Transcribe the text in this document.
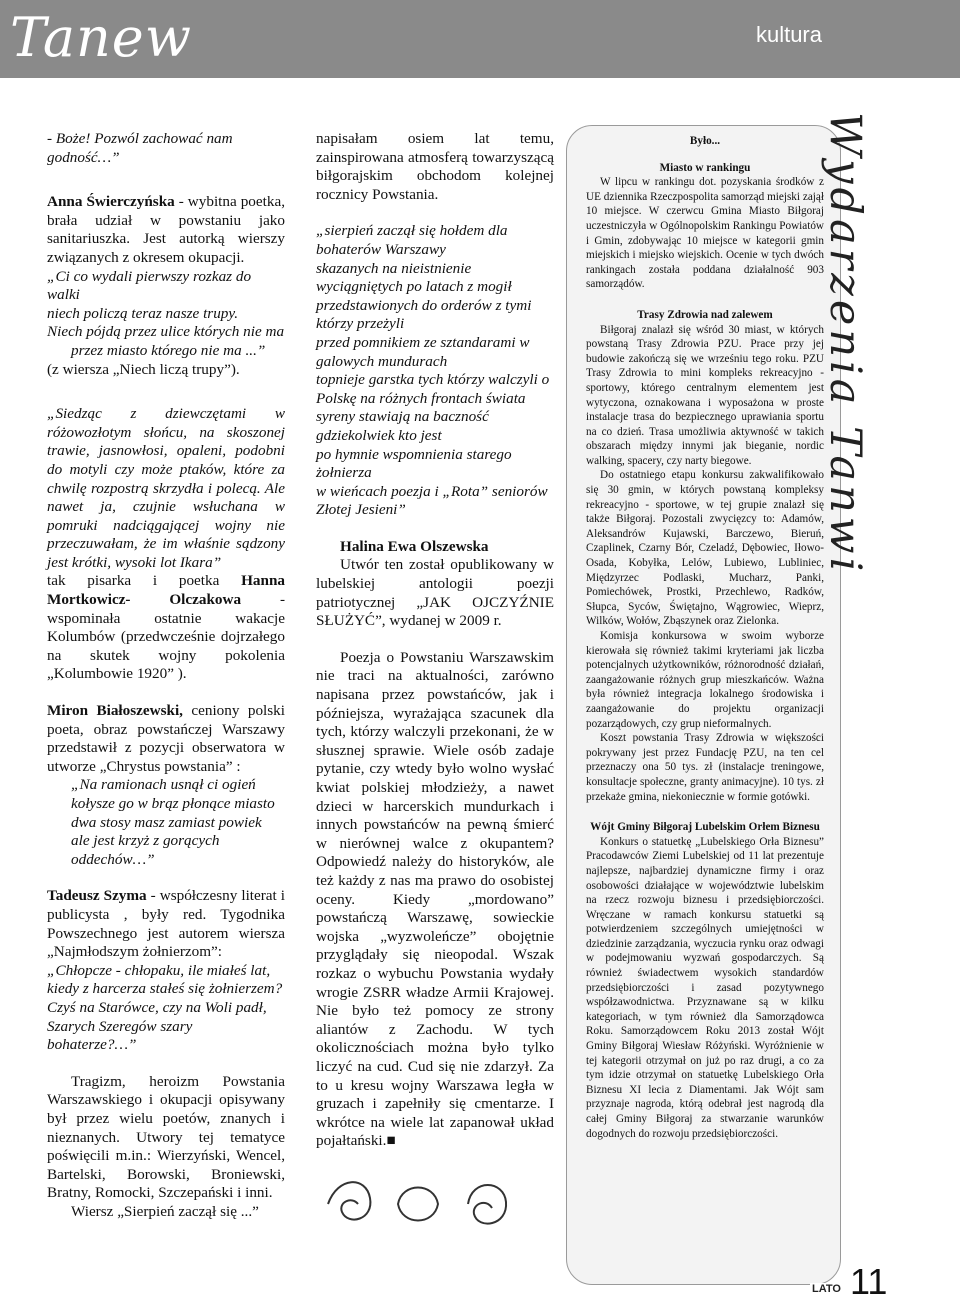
Tanew	kultura

- Boże! Pozwól zachować nam godność…”

Anna Świerczyńska - wybitna poetka, brała udział w powstaniu jako sanitariuszka. Jest autorką wierszy związanych z okresem okupacji.

„Ci co wydali pierwszy rozkaz do walki

niech policzą teraz nasze trupy.

Niech pójdą przez ulice których nie ma

przez miasto którego nie ma ...”

(z wiersza „Niech liczą trupy”).

„Siedząc z dziewczętami w różowozłotym słońcu, na skoszonej trawie, jasnowłosi, opaleni, podobni do motyli czy może ptaków, które za chwilę rozpostrą skrzydła i polecą. Ale nawet ja, czujnie wsłuchana w pomruki nadciągającej wojny nie przeczuwałam, że im właśnie sądzony jest krótki, wysoki lot Ikara”

tak pisarka i poetka Hanna Mortkowicz- Olczakowa - wspominała ostatnie wakacje Kolumbów (przedwcześnie dojrzałego na skutek wojny pokolenia „Kolumbowie 1920” ).

Miron Białoszewski, ceniony polski poeta, obraz powstańczej Warszawy przedstawił z pozycji obserwatora w utworze „Chrystus powstania” :

„Na ramionach usnął ci ogień

kołysze go w brąz płonące miasto

dwa stosy masz zamiast powiek

ale jest krzyż z gorących oddechów…”

Tadeusz Szyma - współczesny literat i publicysta , były red. Tygodnika Powszechnego jest autorem wiersza „Najmłodszym żołnierzom”:

„Chłopcze - chłopaku, ile miałeś lat,

kiedy z harcerza stałeś się żołnierzem?

Czyś na Starówce, czy na Woli padł,

Szarych Szeregów szary bohaterze?…”

Tragizm, heroizm Powstania Warszawskiego i okupacji opisywany był przez wielu poetów, znanych i nieznanych. Utwory tej tematyce poświęcili m.in.: Wierzyński, Wencel, Bartelski, Borowski, Broniewski, Bratny, Romocki, Szczepański i inni.

Wiersz „Sierpień zaczął się ...”

napisałam osiem lat temu, zainspirowana atmosferą towarzyszącą biłgorajskim obchodom kolejnej rocznicy Powstania.

„sierpień zaczął się hołdem dla bohaterów Warszawy

skazanych na nieistnienie wyciągniętych po latach z mogił

przedstawionych do orderów z tymi którzy przeżyli

przed pomnikiem ze sztandarami w galowych mundurach

topnieje garstka tych którzy walczyli o Polskę na różnych frontach świata

syreny stawiają na baczność gdziekolwiek kto jest

po hymnie wspomnienia starego żołnierza

w wieńcach poezja i „Rota” seniorów Złotej Jesieni”

Halina Ewa Olszewska

Utwór ten został opublikowany w lubelskiej antologii poezji patriotycznej „JAK OJCZYŹNIE SŁUŻYĆ”, wydanej w 2009 r.

Poezja o Powstaniu Warszawskim nie traci na aktualności, zarówno napisana przez powstańców, jak i późniejsza, wyrażająca szacunek dla tych, którzy walczyli przekonani, że w słusznej sprawie. Wiele osób zadaje pytanie, czy wtedy było wolno wysłać kwiat polskiej młodzieży, a nawet dzieci w harcerskich mundurkach i innych powstańców na pewną śmierć w nierównej walce z okupantem? Odpowiedź należy do historyków, ale też każdy z nas ma prawo do osobistej oceny. Kiedy „mordowano” powstańczą Warszawę, sowieckie wojska „wyzwoleńcze” obojętnie przyglądały się nieopodal. Wszak rozkaz o wybuchu Powstania wydały wrogie ZSRR władze Armii Krajowej. Nie było też pomocy ze strony aliantów z Zachodu. W tych okolicznościach można było tylko liczyć na cud. Cud się nie zdarzył. Za to u kresu wojny Warszawa legła w gruzach i zapełniły się cmentarze. I wkrótce na wiele lat zapanował układ pojałtański.■

Było...
Miasto w rankingu

W lipcu w rankingu dot. pozyskania środków z UE dziennika Rzeczpospolita samorząd miejski zajął 10 miejsce. W czerwcu Gmina Miasto Biłgoraj uczestniczyła w Ogólnopolskim Rankingu Powiatów i Gmin, zdobywając 10 miejsce w kategorii gmin miejskich i miejsko wiejskich. Ocenie w tych dwóch rankingach została poddana działalność 903 samorządów.

Trasy Zdrowia nad zalewem

Biłgoraj znalazł się wśród 30 miast, w których powstaną Trasy Zdrowia PZU. Prace przy jej budowie zakończą się we wrześniu tego roku. PZU Trasy Zdrowia to mini kompleks rekreacyjno - sportowy, którego centralnym elementem jest wytyczona, oznakowana i wyposażona w proste instalacje trasa do bezpiecznego uprawiania sportu na co dzień. Trasa umożliwia aktywność w takich obszarach między innymi jak bieganie, nordic walking, spacery, czy narty biegowe.

Do ostatniego etapu konkursu zakwalifikowało się 30 gmin, w których powstaną kompleksy rekreacyjno - sportowe, w tej grupie znalazł się także Biłgoraj. Pozostali zwycięzcy to: Adamów, Aleksandrów Kujawski, Barczewo, Bieruń, Czaplinek, Czarny Bór, Czeladź, Dębowiec, Iłowo-Osada, Kobyłka, Lelów, Lubiewo, Lubliniec, Międzyrzec Podlaski, Mucharz, Panki, Pomiechówek, Prostki, Przechlewo, Radków, Słupca, Syców, Świętajno, Wągrowiec, Wieprz, Wilków, Wołów, Zbąszynek oraz Zielonka.

Komisja konkursowa w swoim wyborze kierowała się również takimi kryteriami jak liczba potencjalnych użytkowników, różnorodność działań, zaangażowanie różnych grup mieszkańców. Ważna była również integracja lokalnego środowiska i zaangażowanie do projektu organizacji pozarządowych, czy grup nieformalnych.

Koszt powstania Trasy Zdrowia w większości pokrywany jest przez Fundację PZU, na ten cel przeznaczy ona 50 tys. zł (instalacje treningowe, konsultacje społeczne, granty animacyjne). 10 tys. zł przekaże gmina, niekoniecznie w formie gotówki.

Wójt Gminy Biłgoraj Lubelskim Orłem Biznesu

Konkurs o statuetkę „Lubelskiego Orła Biznesu” Pracodawców Ziemi Lubelskiej od 11 lat prezentuje najlepsze, najbardziej dynamiczne firmy i oraz osobowości działające w województwie lubelskim na rzecz rozwoju biznesu i przedsiębiorczości. Wręczane w ramach konkursu statuetki są potwierdzeniem szczególnych umiejętności w dziedzinie zarządzania, wyczucia rynku oraz odwagi w podejmowaniu wyzwań gospodarczych. Są również świadectwem wysokich standardów przedsiębiorczości i zasad pozytywnego współzawodnictwa. Przyznawane są w kilku kategoriach, w tym również dla Samorządowca Roku. Samorządowcem Roku 2013 został Wójt Gminy Biłgoraj Wiesław Różyński. Wyróżnienie w tej kategorii otrzymał on już po raz drugi, a co za tym idzie otrzymał on statuetkę Lubelskiego Orła Biznesu XI lecia z Diamentami. Jak Wójt sam przyznaje nagroda, którą odebrał jest nagrodą dla całej Gminy Biłgoraj za stwarzanie warunków dogodnych do rozwoju przedsiębiorczości.

Wydarzenia Tanwi
LATO 11
